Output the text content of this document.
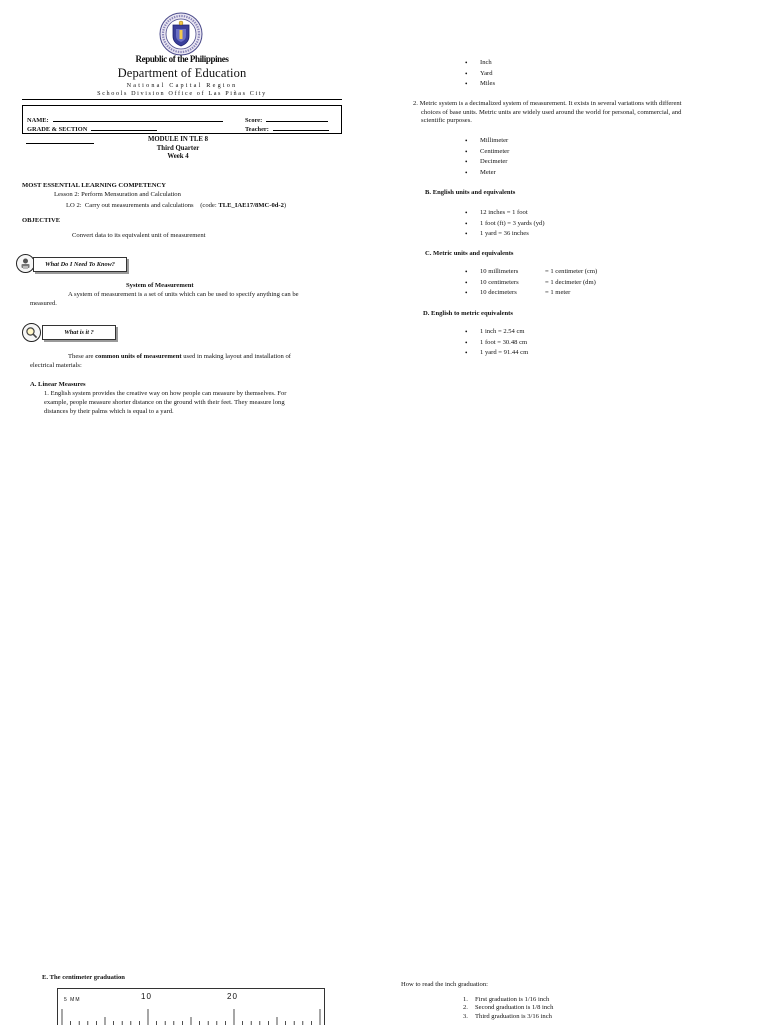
Republic of the Philippines
Department of Education
National Capital Region
Schools Division Office of Las Piñas City
NAME:	Score:
GRADE & SECTION	Teacher:
MODULE IN TLE 8
Third Quarter
Week 4
MOST ESSENTIAL LEARNING COMPETENCY
Lesson 2: Perform Mensuration and Calculation
LO 2:  Carry out measurements and calculations    (code: TLE_IAE17/8MC-0d-2)
OBJECTIVE
Convert data to its equivalent unit of measurement
What Do I Need To Know?
System of Measurement
A system of measurement is a set of units which can be used to specify anything can be
measured.
What is it ?
These are common units of measurement used in making layout and installation of
electrical materials:
A. Linear Measures
1. English system provides the creative way on how people can measure by themselves. For
example, people measure shorter distance on the ground with their feet. They measure long
distances by their palms which is equal to a yard.
• Inch
• Yard
• Miles
2. Metric system is a decimalized system of measurement. It exists in several variations with different
choices of base units. Metric units are widely used around the world for personal, commercial, and
scientific purposes.
• Millimeter
• Centimeter
• Decimeter
• Meter
B. English units and equivalents
• 12 inches = 1 foot
• 1 foot (ft) = 3 yards (yd)
• 1 yard = 36 inches
C. Metric units and equivalents
• 10 millimeters	= 1 centimeter (cm)
• 10 centimeters	= 1 decimeter (dm)
• 10 decimeters	= 1 meter
D. English to metric equivalents
• 1 inch = 2.54 cm
• 1 foot = 30.48 cm
• 1 yard = 91.44 cm
E. The centimeter graduation
5 MM	10	20
How to read the inch graduation:
1. First graduation is 1/16 inch
2. Second graduation is 1/8 inch
3. Third graduation is 3/16 inch
